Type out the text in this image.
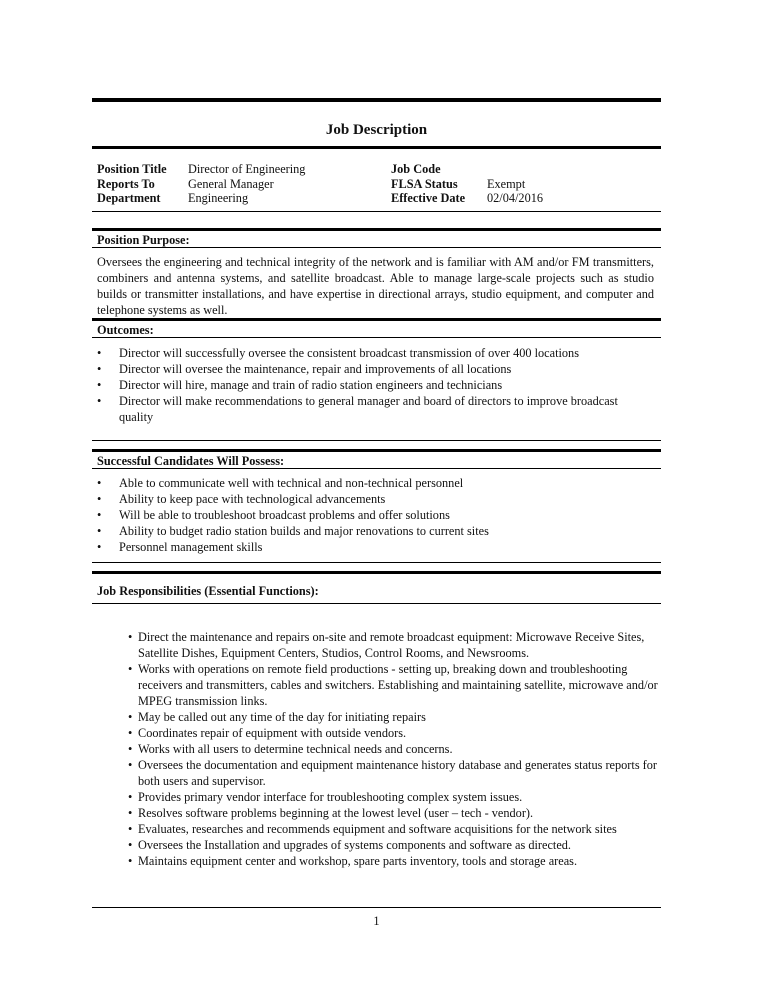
Job Description
Position Title Director of Engineering
Reports To	General Manager
Department Engineering
Job Code
FLSA Status Exempt
Effective Date 02/04/2016
Position Purpose:
Oversees the engineering and technical integrity of the network and is familiar with AM and/or FM transmitters, combiners and antenna systems, and satellite broadcast. Able to manage large-scale projects such as studio builds or transmitter installations, and have expertise in directional arrays, studio equipment, and computer and telephone systems as well.
Outcomes:
• Director will successfully oversee the consistent broadcast transmission of over 400 locations
• Director will oversee the maintenance, repair and improvements of all locations
• Director will hire, manage and train of radio station engineers and technicians
• Director will make recommendations to general manager and board of directors to improve broadcast quality
Successful Candidates Will Possess:
• Able to communicate well with technical and non-technical personnel
• Ability to keep pace with technological advancements
• Will be able to troubleshoot broadcast problems and offer solutions
• Ability to budget radio station builds and major renovations to current sites
• Personnel management skills
Job Responsibilities (Essential Functions):
• Direct the maintenance and repairs on-site and remote broadcast equipment: Microwave Receive Sites, Satellite Dishes, Equipment Centers, Studios, Control Rooms, and Newsrooms.
• Works with operations on remote field productions - setting up, breaking down and troubleshooting receivers and transmitters, cables and switchers. Establishing and maintaining satellite, microwave and/or MPEG transmission links.
• May be called out any time of the day for initiating repairs
• Coordinates repair of equipment with outside vendors.
• Works with all users to determine technical needs and concerns.
• Oversees the documentation and equipment maintenance history database and generates status reports for both users and supervisor.
• Provides primary vendor interface for troubleshooting complex system issues.
• Resolves software problems beginning at the lowest level (user – tech - vendor).
• Evaluates, researches and recommends equipment and software acquisitions for the network sites
• Oversees the Installation and upgrades of systems components and software as directed.
• Maintains equipment center and workshop, spare parts inventory, tools and storage areas.
1
